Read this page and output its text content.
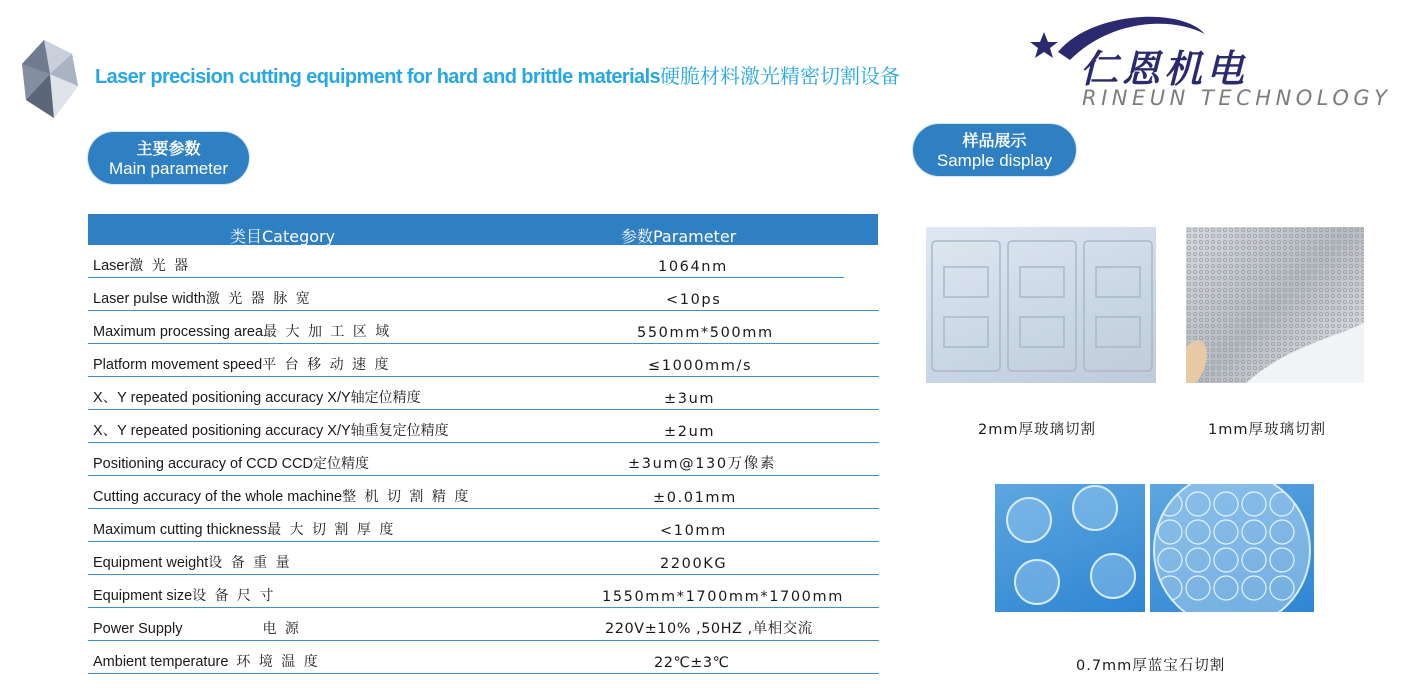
Laser precision cutting equipment for hard and brittle materials硬脆材料激光精密切割设备	仁恩机电
RINEUN TECHNOLOGY
主要参数
Main parameter
样品展示
Sample display
类目Category	参数Parameter
Laser激 光 器	1064nm
Laser pulse width激 光 器 脉 宽	<10ps
Maximum processing area最 大 加 工 区 域	550mm*500mm
Platform movement speed平 台 移 动 速 度	≤1000mm/s
X、Y repeated positioning accuracy X/Y轴定位精度	±3um
X、Y repeated positioning accuracy X/Y轴重复定位精度	±2um
Positioning accuracy of CCD CCD定位精度	±3um@130万像素
Cutting accuracy of the whole machine整 机 切 割 精 度	±0.01mm
Maximum cutting thickness最 大 切 割 厚 度	<10mm
Equipment weight设 备 重 量	2200KG
Equipment size设 备 尺 寸	1550mm*1700mm*1700mm
Power Supply	电 源	220V±10% ,50HZ ,单相交流
Ambient temperature 环 境 温 度	22℃±3℃
2mm厚玻璃切割	1mm厚玻璃切割
0.7mm厚蓝宝石切割
